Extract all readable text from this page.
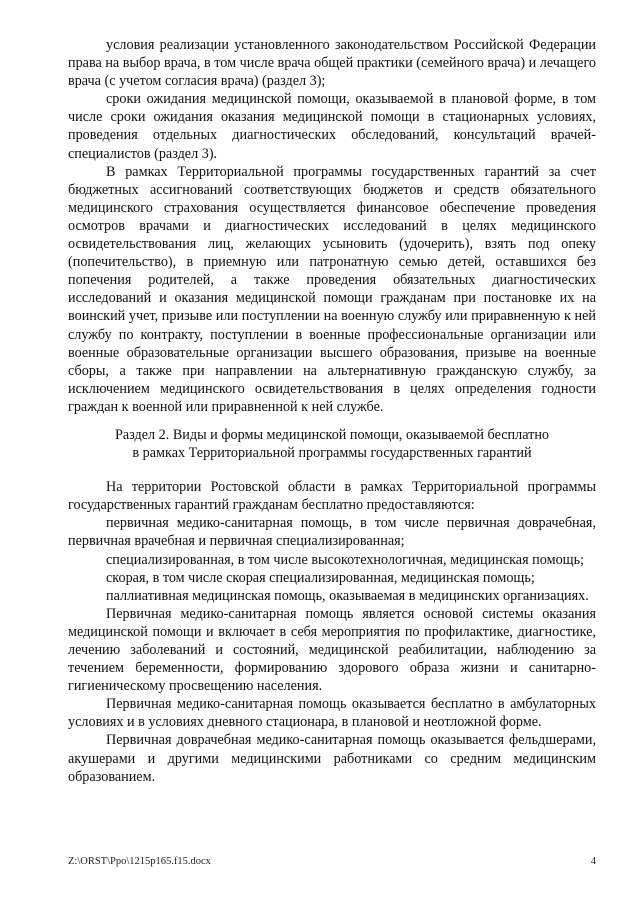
условия реализации установленного законодательством Российской Федерации права на выбор врача, в том числе врача общей практики (семейного врача) и лечащего врача (с учетом согласия врача) (раздел 3);

сроки ожидания медицинской помощи, оказываемой в плановой форме, в том числе сроки ожидания оказания медицинской помощи в стационарных условиях, проведения отдельных диагностических обследований, консультаций врачей-специалистов (раздел 3).

В рамках Территориальной программы государственных гарантий за счет бюджетных ассигнований соответствующих бюджетов и средств обязательного медицинского страхования осуществляется финансовое обеспечение проведения осмотров врачами и диагностических исследований в целях медицинского освидетельствования лиц, желающих усыновить (удочерить), взять под опеку (попечительство), в приемную или патронатную семью детей, оставшихся без попечения родителей, а также проведения обязательных диагностических исследований и оказания медицинской помощи гражданам при постановке их на воинский учет, призыве или поступлении на военную службу или приравненную к ней службу по контракту, поступлении в военные профессиональные организации или военные образовательные организации высшего образования, призыве на военные сборы, а также при направлении на альтернативную гражданскую службу, за исключением медицинского освидетельствования в целях определения годности граждан к военной или приравненной к ней службе.

Раздел 2. Виды и формы медицинской помощи, оказываемой бесплатно

в рамках Территориальной программы государственных гарантий

На территории Ростовской области в рамках Территориальной программы государственных гарантий гражданам бесплатно предоставляются:

первичная медико-санитарная помощь, в том числе первичная доврачебная, первичная врачебная и первичная специализированная;

специализированная, в том числе высокотехнологичная, медицинская помощь;

скорая, в том числе скорая специализированная, медицинская помощь;

паллиативная медицинская помощь, оказываемая в медицинских организациях.

Первичная медико-санитарная помощь является основой системы оказания медицинской помощи и включает в себя мероприятия по профилактике, диагностике, лечению заболеваний и состояний, медицинской реабилитации, наблюдению за течением беременности, формированию здорового образа жизни и санитарно-гигиеническому просвещению населения.

Первичная медико-санитарная помощь оказывается бесплатно в амбулаторных условиях и в условиях дневного стационара, в плановой и неотложной форме.

Первичная доврачебная медико-санитарная помощь оказывается фельдшерами, акушерами и другими медицинскими работниками со средним медицинским образованием.

Z:\ORST\Ppo\1215p165.f15.docx	4
